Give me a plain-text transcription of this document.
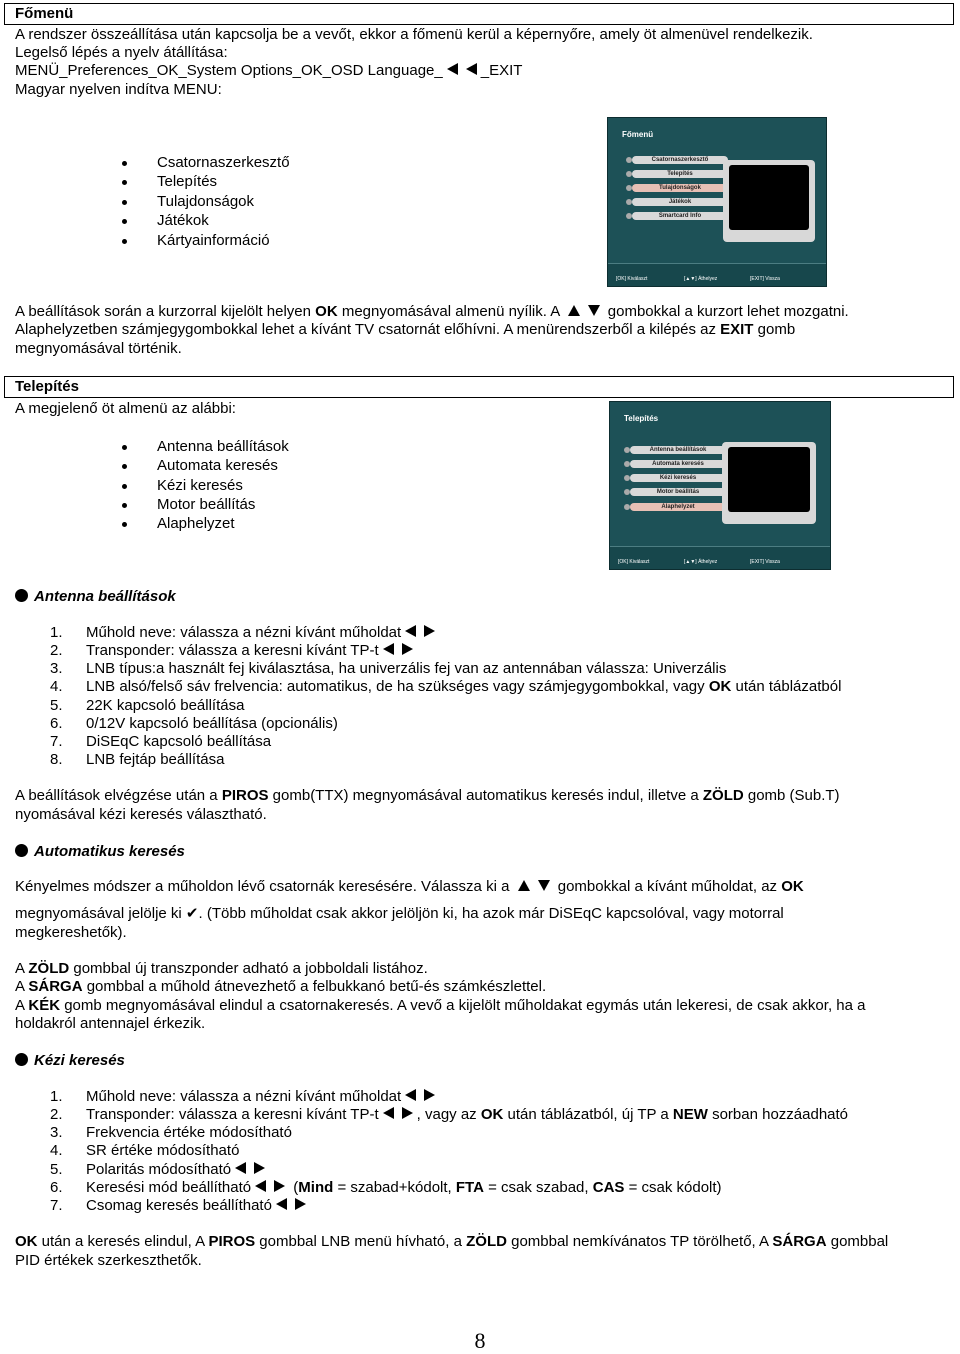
Főmenü
A rendszer összeállítása után kapcsolja be a vevőt, ekkor a főmenü kerül a képernyőre, amely öt almenüvel rendelkezik.
Legelső lépés a nyelv átállítása:
MENÜ_Preferences_OK_System Options_OK_OSD Language_	_EXIT
Magyar nyelven indítva MENU:
Csatornaszerkesztő
Telepítés
Tulajdonságok
Játékok
Kártyainformáció
Főmenü
Csatornaszerkesztő
Telepítés
Tulajdonságok
Játékok
Smartcard Info
[OK] Kiválaszt	[▲▼] Áthelyez	[EXIT] Vissza
A beállítások során a kurzorral kijelölt helyen OK megnyomásával almenü nyílik. A	gombokkal a kurzort lehet mozgatni.
Alaphelyzetben számjegygombokkal lehet a kívánt TV csatornát előhívni. A menürendszerből a kilépés az EXIT gomb
megnyomásával történik.
Telepítés
A megjelenő öt almenü az alábbi:
Antenna beállítások
Automata keresés
Kézi keresés
Motor beállítás
Alaphelyzet
Telepítés
Antenna beállítások
Automata keresés
Kézi keresés
Motor beállítás
Alaphelyzet
[OK] Kiválaszt	[▲▼] Áthelyez	[EXIT] Vissza
Antenna beállítások
1. Műhold neve: válassza a nézni kívánt műholdat
2. Transponder: válassza a keresni kívánt TP-t
3. LNB típus:a használt fej kiválasztása, ha univerzális fej van az antennában válassza: Univerzális
4. LNB alsó/felső sáv frelvencia: automatikus, de ha szükséges vagy számjegygombokkal, vagy OK után táblázatból
5. 22K kapcsoló beállítása
6. 0/12V kapcsoló beállítása (opcionális)
7. DiSEqC kapcsoló beállítása
8. LNB fejtáp beállítása
A beállítások elvégzése után a PIROS gomb(TTX) megnyomásával automatikus keresés indul, illetve a ZÖLD gomb (Sub.T)
nyomásával kézi keresés választható.
Automatikus keresés
Kényelmes módszer a műholdon lévő csatornák keresésére. Válassza ki a	gombokkal a kívánt műholdat, az OK
megnyomásával jelölje ki ✔. (Több műholdat csak akkor jelöljön ki, ha azok már DiSEqC kapcsolóval, vagy motorral
megkereshetők).
A ZÖLD gombbal új transzponder adható a jobboldali listához.
A SÁRGA gombbal a műhold átnevezhető a felbukkanó betű-és számkészlettel.
A KÉK gomb megnyomásával elindul a csatornakeresés. A vevő a kijelölt műholdakat egymás után lekeresi, de csak akkor, ha a
holdakról antennajel érkezik.
Kézi keresés
1. Műhold neve: válassza a nézni kívánt műholdat
2. Transponder: válassza a keresni kívánt TP-t	, vagy az OK után táblázatból, új TP a NEW sorban hozzáadható
3. Frekvencia értéke módosítható
4. SR értéke módosítható
5. Polaritás módosítható
6. Keresési mód beállítható	(Mind = szabad+kódolt, FTA = csak szabad, CAS = csak kódolt)
7. Csomag keresés beállítható
OK után a keresés elindul, A PIROS gombbal LNB menü hívható, a ZÖLD gombbal nemkívánatos TP törölhető, A SÁRGA gombbal
PID értékek szerkeszthetők.
8
